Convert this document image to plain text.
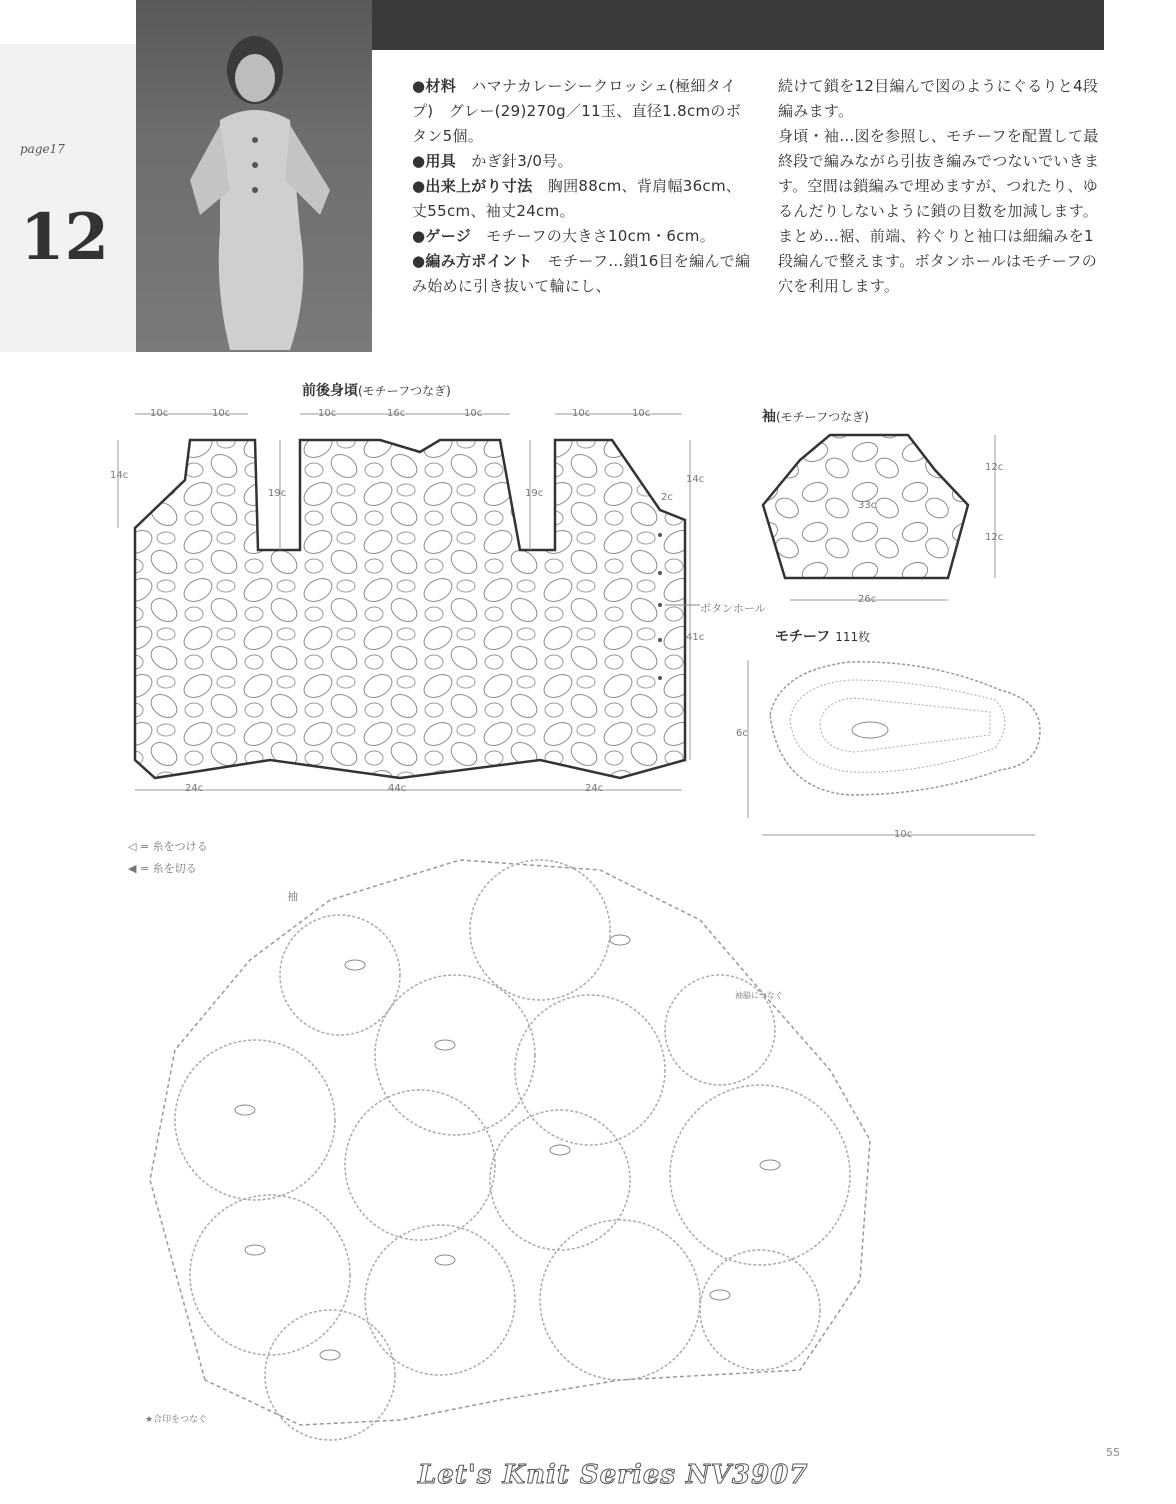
page17
12

●材料　ハマナカレーシークロッシェ(極細タイプ)　グレー(29)270g／11玉、直径1.8cmのボタン5個。

●用具　かぎ針3/0号。

●出来上がり寸法　胸囲88cm、背肩幅36cm、丈55cm、袖丈24cm。

●ゲージ　モチーフの大きさ10cm・6cm。

●編み方ポイント　モチーフ…鎖16目を編んで編み始めに引き抜いて輪にし、

続けて鎖を12目編んで図のようにぐるりと4段編みます。

身頃・袖…図を参照し、モチーフを配置して最終段で編みながら引抜き編みでつないでいきます。空間は鎖編みで埋めますが、つれたり、ゆるんだりしないように鎖の目数を加減します。

まとめ…裾、前端、衿ぐりと袖口は細編みを1段編んで整えます。ボタンホールはモチーフの穴を利用します。

前後身頃(モチーフつなぎ)
10c	10c	10c	16c	10c	10c	10c
14c
19c	19c
14c
2c
41c
ボタンホール
24c	44c	24c
袖(モチーフつなぎ)
12c
12c
33c
26c
モチーフ 111枚
6c
10c
◁ = 糸をつける
◀ = 糸を切る
袖
袖脇につなぐ
★合印をつなぐ
Let's Knit Series NV3907
55
